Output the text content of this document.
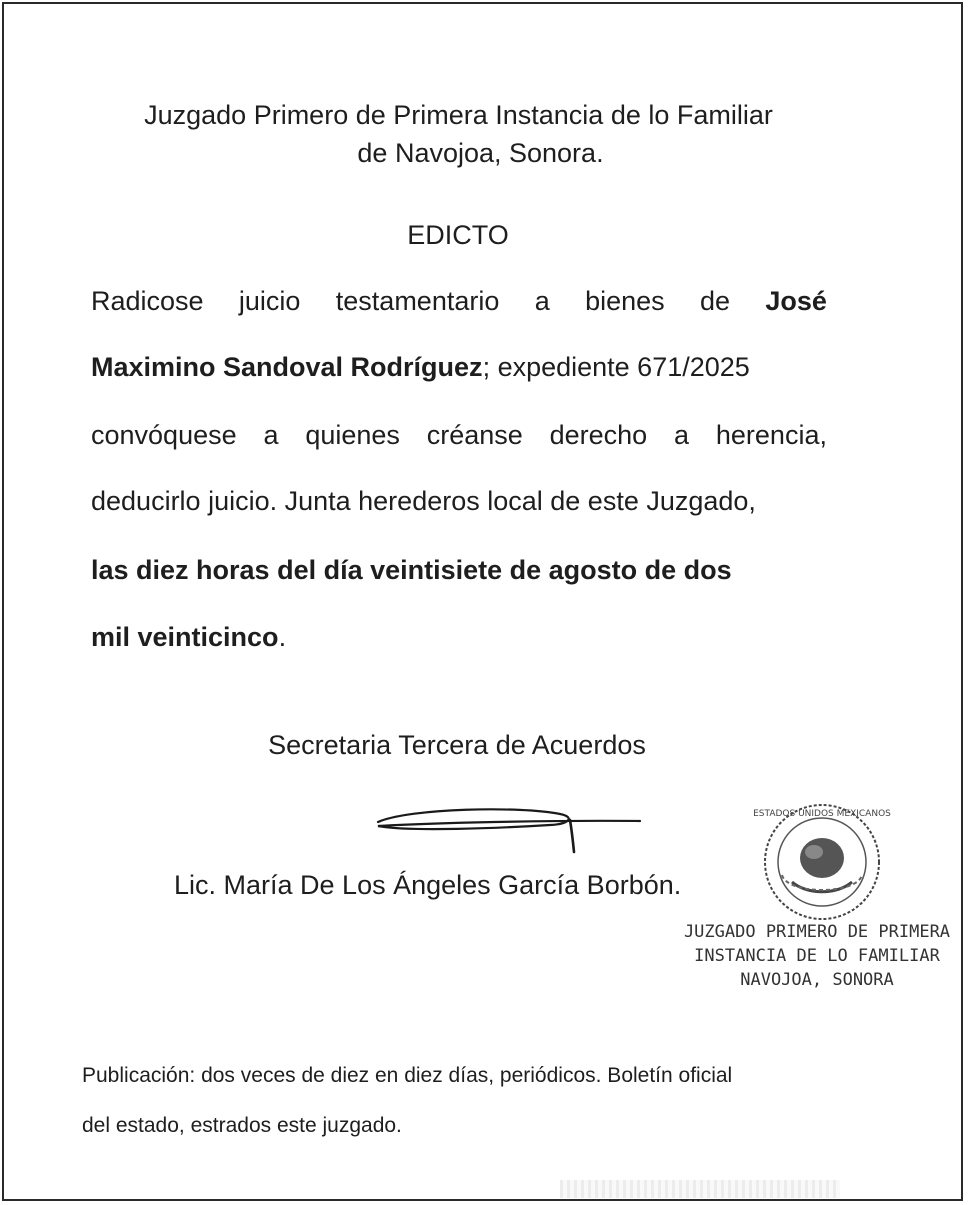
Juzgado Primero de Primera Instancia de lo Familiar
de Navojoa, Sonora.
EDICTO
Radicose juicio testamentario a bienes de José
Maximino Sandoval Rodríguez; expediente 671/2025
convóquese a quienes créanse derecho a herencia,
deducirlo juicio. Junta herederos local de este Juzgado,
las diez horas del día veintisiete de agosto de dos
mil veinticinco.
Secretaria Tercera de Acuerdos
Lic. María De Los Ángeles García Borbón.
ESTADOS UNIDOS MEXICANOS
JUZGADO PRIMERO DE PRIMERA
INSTANCIA DE LO FAMILIAR
NAVOJOA, SONORA
Publicación: dos veces de diez en diez días, periódicos. Boletín oficial
del estado, estrados este juzgado.
